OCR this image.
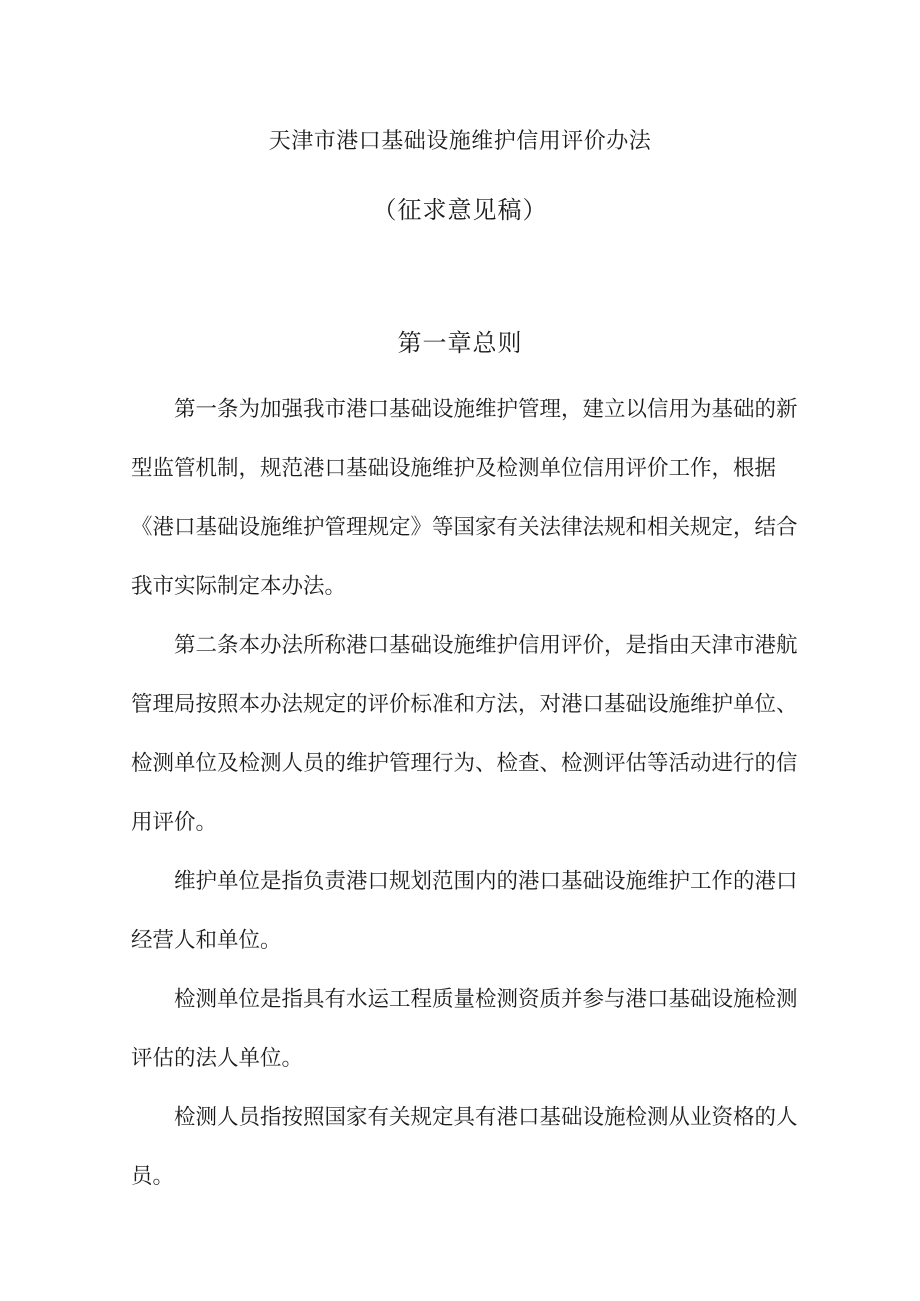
天津市港口基础设施维护信用评价办法
（征求意见稿）
第一章总则

第一条为加强我市港口基础设施维护管理，建立以信用为基础的新型监管机制，规范港口基础设施维护及检测单位信用评价工作，根据《港口基础设施维护管理规定》等国家有关法律法规和相关规定，结合我市实际制定本办法。

第二条本办法所称港口基础设施维护信用评价，是指由天津市港航管理局按照本办法规定的评价标准和方法，对港口基础设施维护单位、检测单位及检测人员的维护管理行为、检查、检测评估等活动进行的信用评价。

维护单位是指负责港口规划范围内的港口基础设施维护工作的港口经营人和单位。

检测单位是指具有水运工程质量检测资质并参与港口基础设施检测评估的法人单位。

检测人员指按照国家有关规定具有港口基础设施检测从业资格的人员。
